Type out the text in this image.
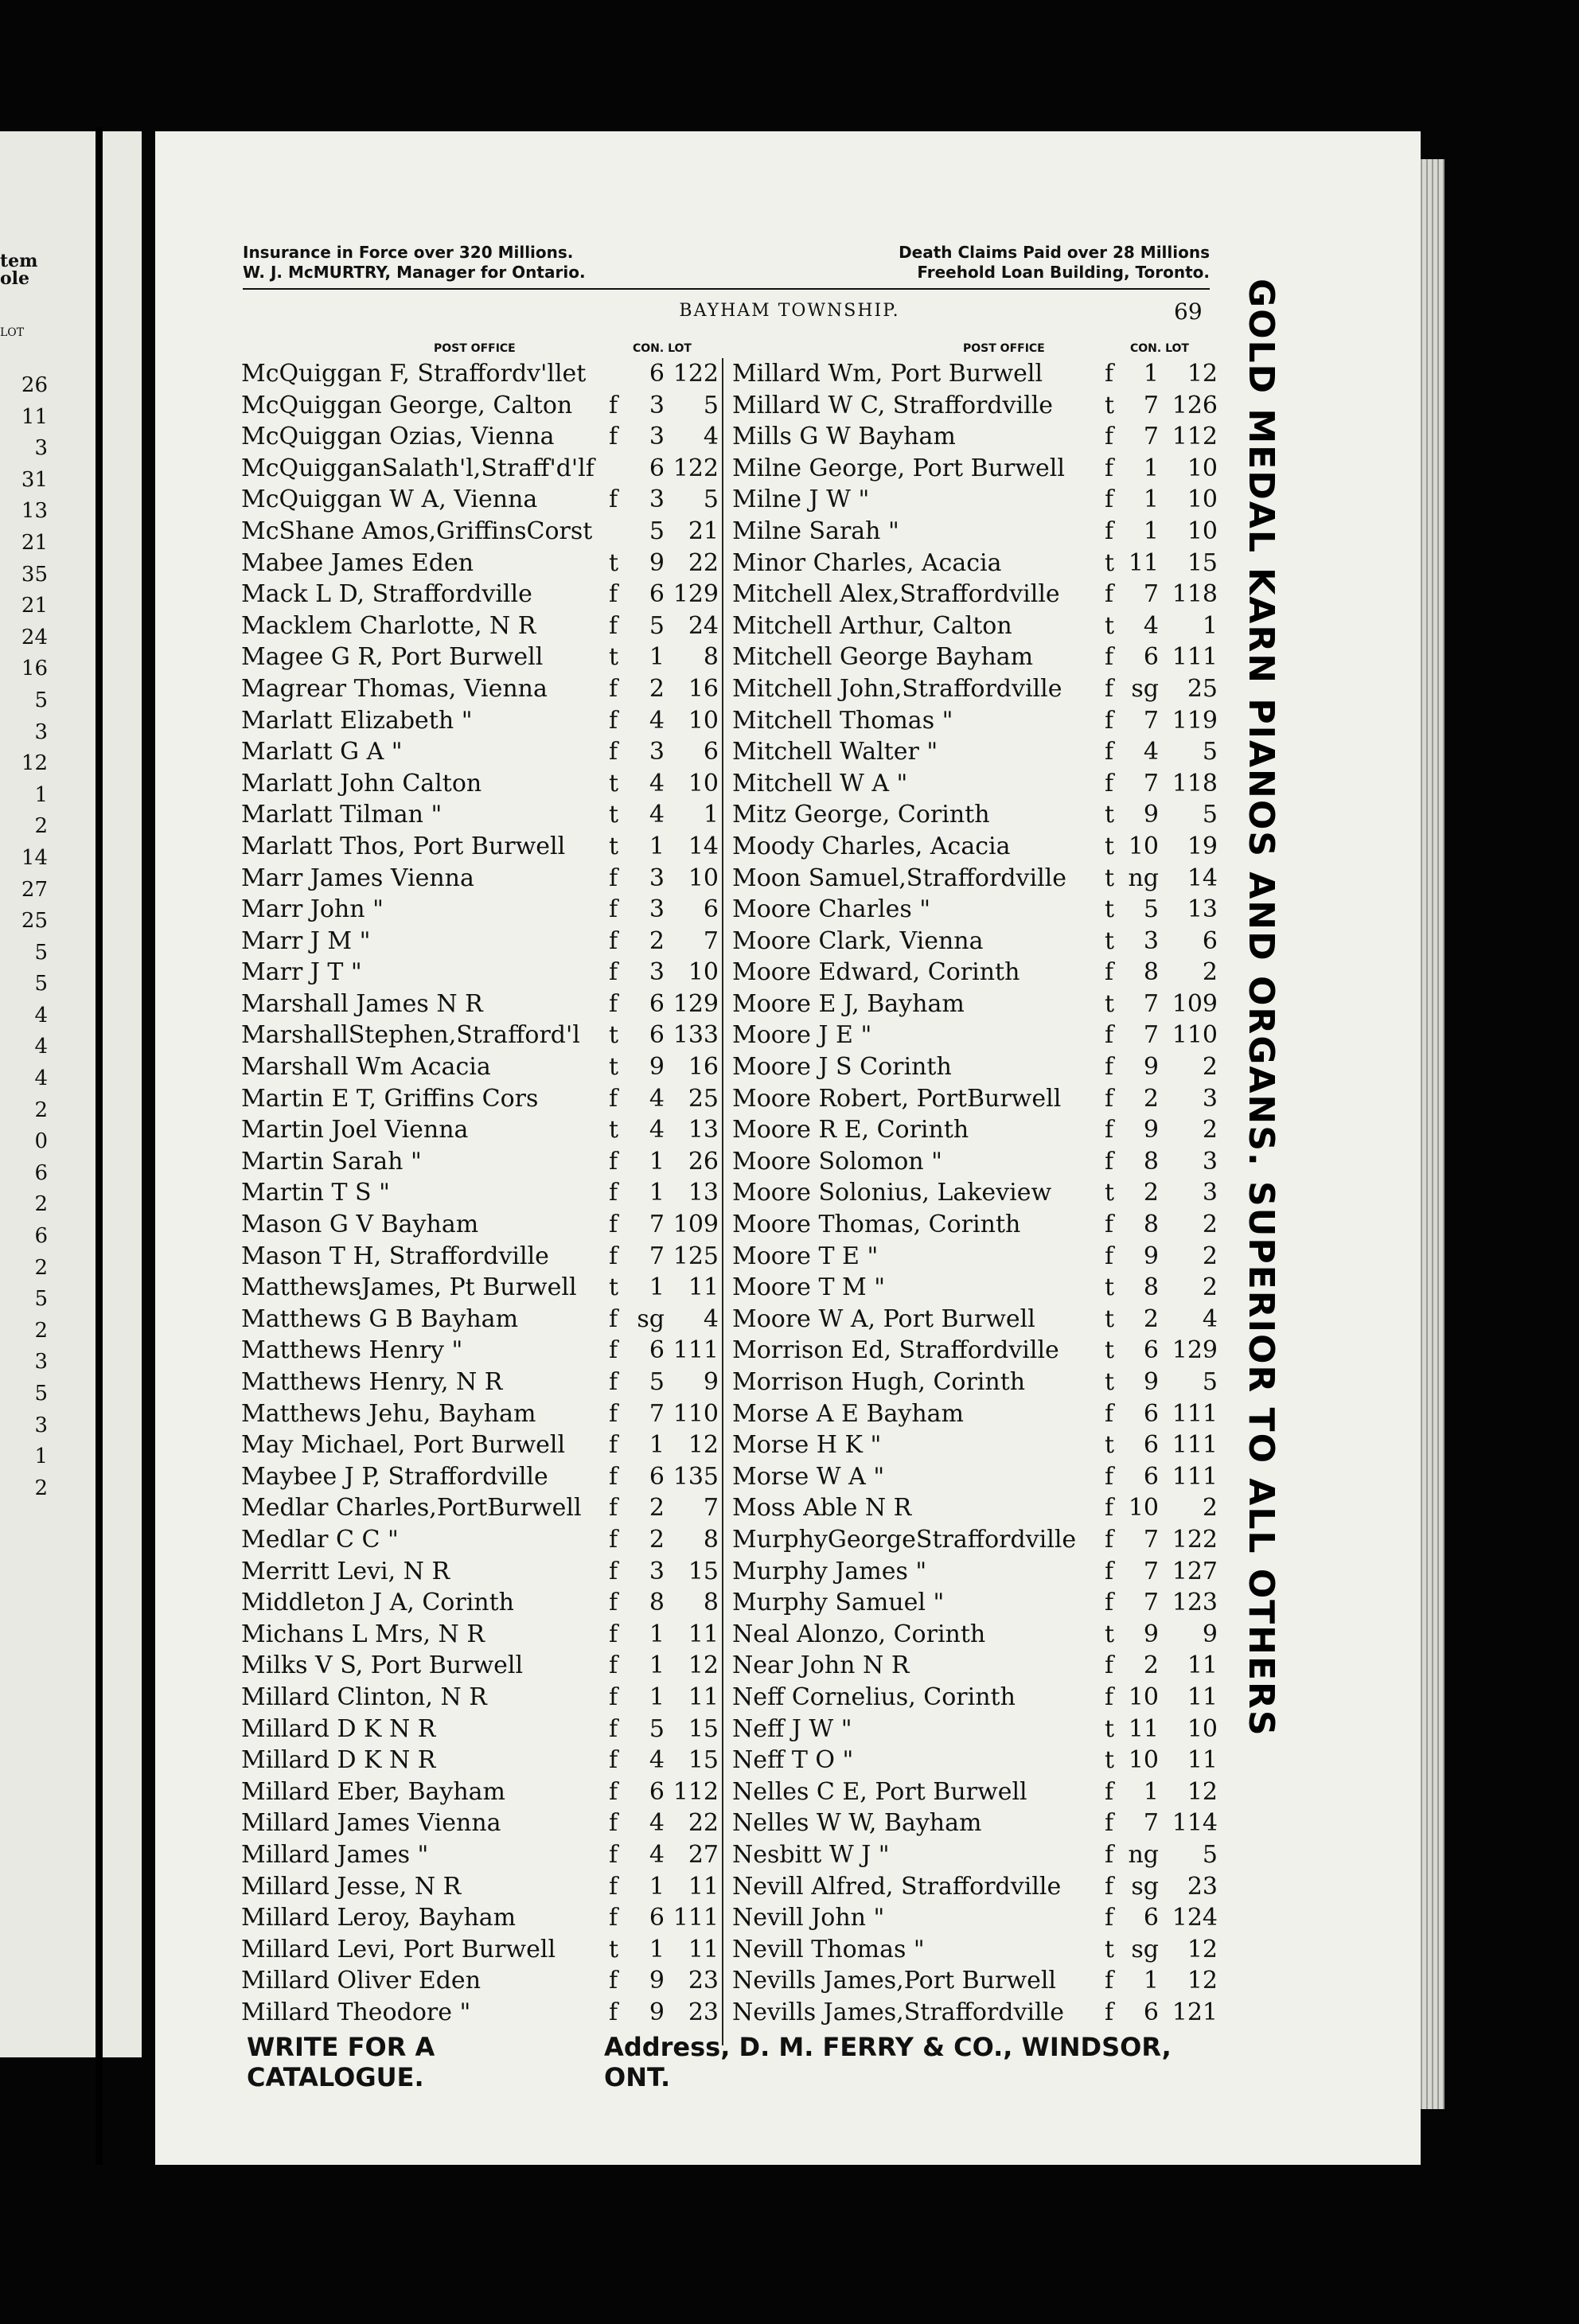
tem
ole
LOT
26
11
3
31
13
21
35
21
24
16
5
3
12
1
2
14
27
25
5
5
4
4
4
2
0
6
2
6
2
5
2
3
5
3
1
2
Insurance in Force over 320 Millions.	Death Claims Paid over 28 Millions
W. J. McMURTRY, Manager for Ontario.	Freehold Loan Building, Toronto.
BAYHAM TOWNSHIP.	69
POST OFFICE	CON. LOT	POST OFFICE	CON. LOT
McQuiggan F, Straffordv'llet	6 122
McQuiggan George, Calton f	3	5
McQuiggan Ozias, Vienna f	3	4
McQuigganSalath'l,Straff'd'lf	6 122
McQuiggan W A, Vienna	f	3	5
McShane Amos,GriffinsCorst	5 21
Mabee James Eden	t	9 22
Mack L D, Straffordville	f	6 129
Macklem Charlotte, N R	f	5 24
Magee G R, Port Burwell	t	1	8
Magrear Thomas, Vienna	f	2 16
Marlatt Elizabeth "	f	4 10
Marlatt G A "	f	3	6
Marlatt John Calton	t	4 10
Marlatt Tilman "	t	4	1
Marlatt Thos, Port Burwell t	1 14
Marr James Vienna	f	3 10
Marr John "	f	3	6
Marr J M "	f	2	7
Marr J T "	f	3 10
Marshall James N R	f	6 129
MarshallStephen,Strafford'l t	6 133
Marshall Wm Acacia	t	9 16
Martin E T, Griffins Cors	f	4 25
Martin Joel Vienna	t	4 13
Martin Sarah "	f	1 26
Martin T S "	f	1 13
Mason G V Bayham	f	7 109
Mason T H, Straffordville	f	7 125
MatthewsJames, Pt Burwell t	1 11
Matthews G B Bayham	f sg	4
Matthews Henry "	f	6 111
Matthews Henry, N R	f	5	9
Matthews Jehu, Bayham	f	7 110
May Michael, Port Burwell f	1 12
Maybee J P, Straffordville	f	6 135
Medlar Charles,PortBurwell f	2	7
Medlar C C "	f	2	8
Merritt Levi, N R	f	3 15
Middleton J A, Corinth	f	8	8
Michans L Mrs, N R	f	1 11
Milks V S, Port Burwell	f	1 12
Millard Clinton, N R	f	1 11
Millard D K N R	f	5 15
Millard D K N R	f	4 15
Millard Eber, Bayham	f	6 112
Millard James Vienna	f	4 22
Millard James "	f	4 27
Millard Jesse, N R	f	1 11
Millard Leroy, Bayham	f	6 111
Millard Levi, Port Burwell t	1 11
Millard Oliver Eden	f	9 23
Millard Theodore "	f	9 23
Millard Wm, Port Burwell	f	1	12
Millard W C, Straffordville t	7 126
Mills G W Bayham	f	7 112
Milne George, Port Burwell f	1	10
Milne J W "	f	1	10
Milne Sarah "	f	1	10
Minor Charles, Acacia	t 11	15
Mitchell Alex,Straffordville f	7 118
Mitchell Arthur, Calton	t	4	1
Mitchell George Bayham	f	6 111
Mitchell John,Straffordville f sg	25
Mitchell Thomas "	f	7 119
Mitchell Walter "	f	4	5
Mitchell W A "	f	7 118
Mitz George, Corinth	t	9	5
Moody Charles, Acacia	t 10	19
Moon Samuel,Straffordville t ng	14
Moore Charles "	t	5	13
Moore Clark, Vienna	t	3	6
Moore Edward, Corinth	f	8	2
Moore E J, Bayham	t	7 109
Moore J E "	f	7 110
Moore J S Corinth	f	9	2
Moore Robert, PortBurwell f	2	3
Moore R E, Corinth	f	9	2
Moore Solomon "	f	8	3
Moore Solonius, Lakeview t	2	3
Moore Thomas, Corinth	f	8	2
Moore T E "	f	9	2
Moore T M "	t	8	2
Moore W A, Port Burwell	t	2	4
Morrison Ed, Straffordville t	6 129
Morrison Hugh, Corinth	t	9	5
Morse A E Bayham	f	6 111
Morse H K "	t	6 111
Morse W A "	f	6 111
Moss Able N R	f 10	2
MurphyGeorgeStraffordville f	7 122
Murphy James "	f	7 127
Murphy Samuel "	f	7 123
Neal Alonzo, Corinth	t	9	9
Near John N R	f	2	11
Neff Cornelius, Corinth	f 10	11
Neff J W "	t 11	10
Neff T O "	t 10	11
Nelles C E, Port Burwell	f	1	12
Nelles W W, Bayham	f	7 114
Nesbitt W J "	f ng	5
Nevill Alfred, Straffordville f sg	23
Nevill John "	f	6 124
Nevill Thomas "	t sg	12
Nevills James,Port Burwell f	1	12
Nevills James,Straffordville f	6 121
GOLD MEDAL KARN PIANOS AND ORGANS. SUPERIOR TO ALL OTHERS
WRITE FOR A CATALOGUE.
Address, D. M. FERRY & CO., WINDSOR, ONT.
